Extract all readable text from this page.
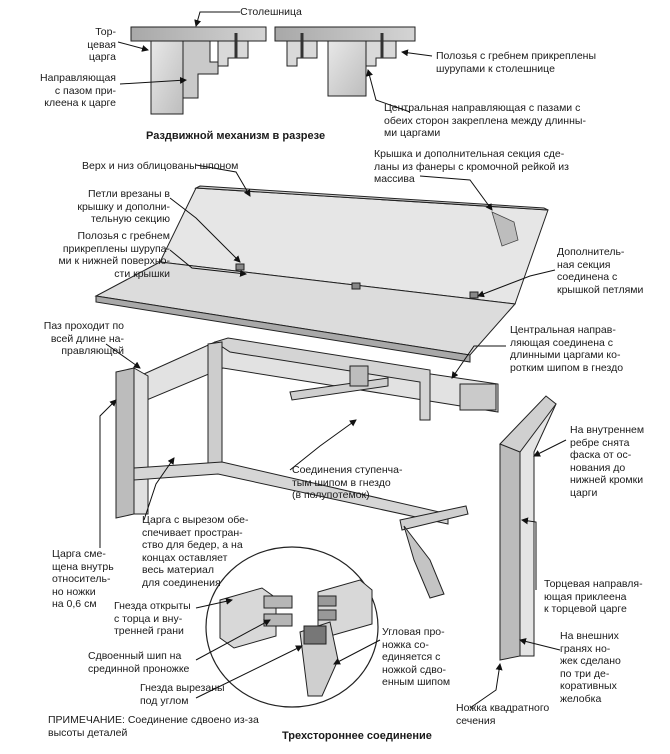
Столешница
Тор-
цевая
царга
Направляющая
с пазом при-
клеена к царге
Полозья с гребнем прикреплены
шурупами к столешнице
Центральная направляющая с пазами с
обеих сторон закреплена между длинны-
ми царгами
Раздвижной механизм в разрезе
Верх и низ облицованы шпоном
Крышка и дополнительная секция сде-
ланы из фанеры с кромочной рейкой из
массива
Петли врезаны в
крышку и дополни-
тельную секцию
Полозья с гребнем
прикреплены шурупа-
ми к нижней поверхно-
сти крышки
Дополнитель-
ная секция
соединена с
крышкой петлями
Паз проходит по
всей длине на-
правляющей
Центральная направ-
ляющая соединена с
длинными царгами ко-
ротким шипом в гнездо
Соединения ступенча-
тым шипом в гнездо
(в полупотемок)
На внутреннем
ребре снята
фаска от ос-
нования до
нижней кромки
царги
Царга с вырезом обе-
спечивает простран-
ство для бедер, а на
концах оставляет
весь материал
для соединения
Царга сме-
щена внутрь
относитель-
но ножки
на 0,6 см
Торцевая направля-
ющая приклеена
к торцевой царге
Гнезда открыты
с торца и вну-
тренней грани	На внешних
гранях но-
жек сделано
по три де-
коративных
желобка
Сдвоенный шип на
срединной проножке
Угловая про-
ножка со-
единяется с
ножкой сдво-
енным шипом
Гнезда вырезаны
под углом
Ножка квадратного
сечения
ПРИМЕЧАНИЕ: Соединение сдвоено из-за
высоты деталей	Трехстороннее соединение
